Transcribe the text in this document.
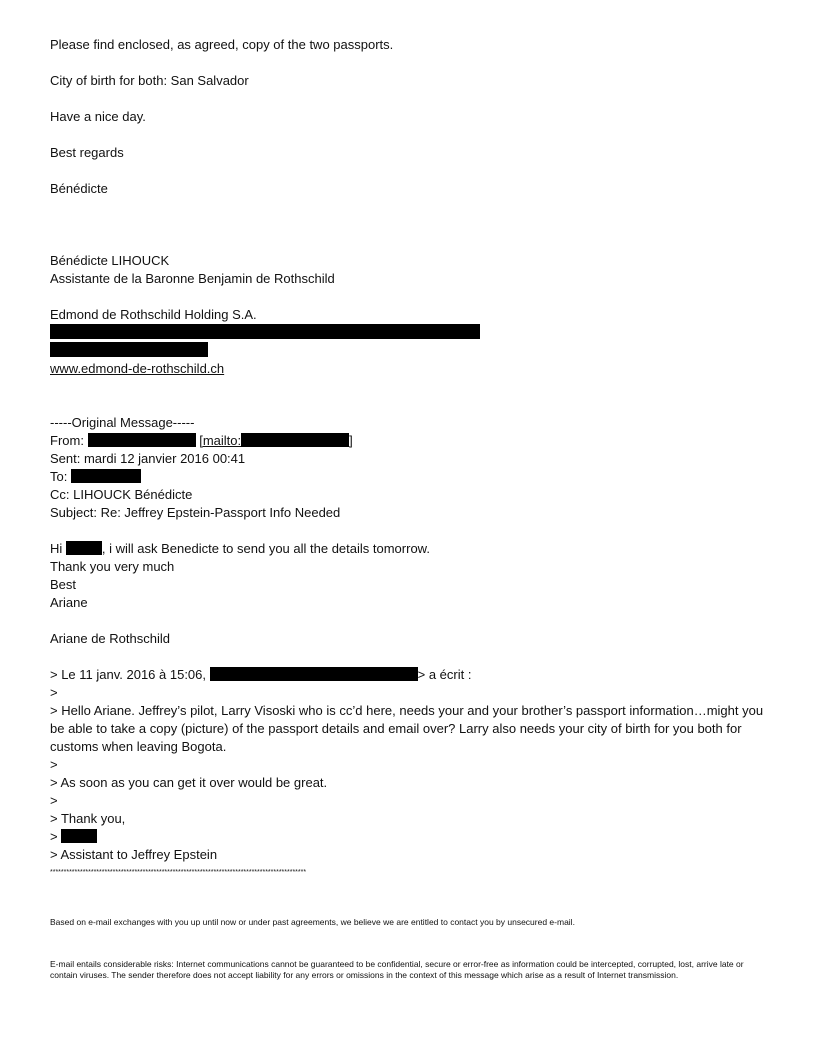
Please find enclosed, as agreed, copy of the two passports.
City of birth for both: San Salvador
Have a nice day.
Best regards
Bénédicte
Bénédicte LIHOUCK
Assistante de la Baronne Benjamin de Rothschild
Edmond de Rothschild Holding S.A.
www.edmond-de-rothschild.ch
-----Original Message-----
From:	[mailto:	]
Sent: mardi 12 janvier 2016 00:41
To:
Cc: LIHOUCK Bénédicte
Subject: Re: Jeffrey Epstein-Passport Info Needed
Hi	, i will ask Benedicte to send you all the details tomorrow.
Thank you very much
Best
Ariane
Ariane de Rothschild
> Le 11 janv. 2016 à 15:06,	> a écrit :
>
> Hello Ariane. Jeffrey’s pilot, Larry Visoski who is cc’d here, needs your and your brother’s passport information…might you be able to take a copy (picture) of the passport details and email over? Larry also needs your city of birth for you both for customs when leaving Bogota.
>
> As soon as you can get it over would be great.
>
> Thank you,
>
> Assistant to Jeffrey Epstein
**********************************************************************************************
Based on e-mail exchanges with you up until now or under past agreements, we believe we are entitled to contact you by unsecured e-mail.
E-mail entails considerable risks: Internet communications cannot be guaranteed to be confidential, secure or error-free as information could be intercepted, corrupted, lost, arrive late or contain viruses. The sender therefore does not accept liability for any errors or omissions in the context of this message which arise as a result of Internet transmission.
